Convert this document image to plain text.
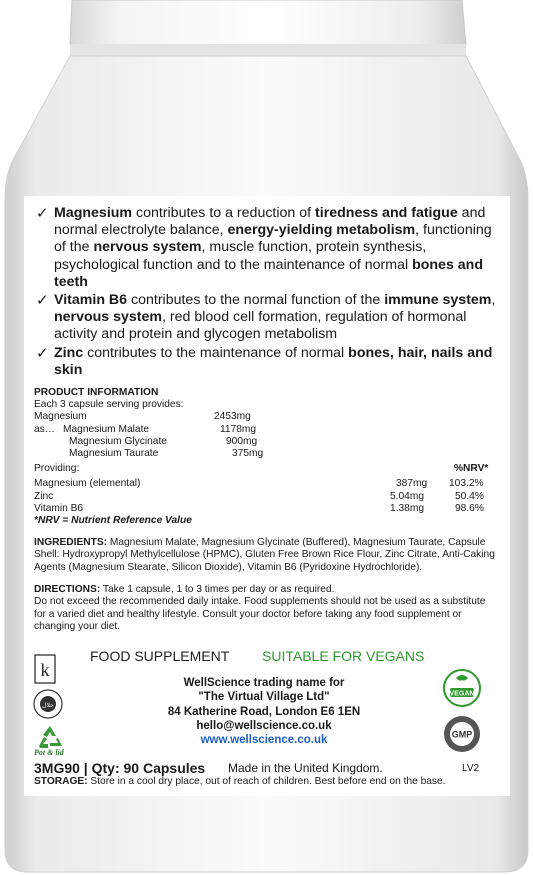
✓ Magnesium contributes to a reduction of tiredness and fatigue and normal electrolyte balance, energy-yielding metabolism, functioning of the nervous system, muscle function, protein synthesis, psychological function and to the maintenance of normal bones and teeth
✓ Vitamin B6 contributes to the normal function of the immune system, nervous system, red blood cell formation, regulation of hormonal activity and protein and glycogen metabolism
✓ Zinc contributes to the maintenance of normal bones, hair, nails and skin
PRODUCT INFORMATION
Each 3 capsule serving provides:
Magnesium	2453mg
as… Magnesium Malate	1178mg
Magnesium Glycinate	900mg
Magnesium Taurate	375mg
Providing:	%NRV*
Magnesium (elemental)	387mg 103.2%
Zinc	5.04mg	50.4%
Vitamin B6	1.38mg	98.6%
*NRV = Nutrient Reference Value
INGREDIENTS: Magnesium Malate, Magnesium Glycinate (Buffered), Magnesium Taurate, Capsule Shell: Hydroxypropyl Methylcellulose (HPMC), Gluten Free Brown Rice Flour, Zinc Citrate, Anti-Caking Agents (Magnesium Stearate, Silicon Dioxide), Vitamin B6 (Pyridoxine Hydrochloride).
DIRECTIONS: Take 1 capsule, 1 to 3 times per day or as required.
Do not exceed the recommended daily intake. Food supplements should not be used as a substitute for a varied diet and healthy lifestyle. Consult your doctor before taking any food supplement or changing your diet.
k
FOOD SUPPLEMENT SUITABLE FOR VEGANS
حلال
Pot & lid
WellScience trading name for
"The Virtual Village Ltd"
84 Katherine Road, London E6 1EN
hello@wellscience.co.uk
www.wellscience.co.uk
VEGAN
GMP
3MG90 | Qty: 90 Capsules Made in the United Kingdom.	LV2
STORAGE: Store in a cool dry place, out of reach of children. Best before end on the base.
